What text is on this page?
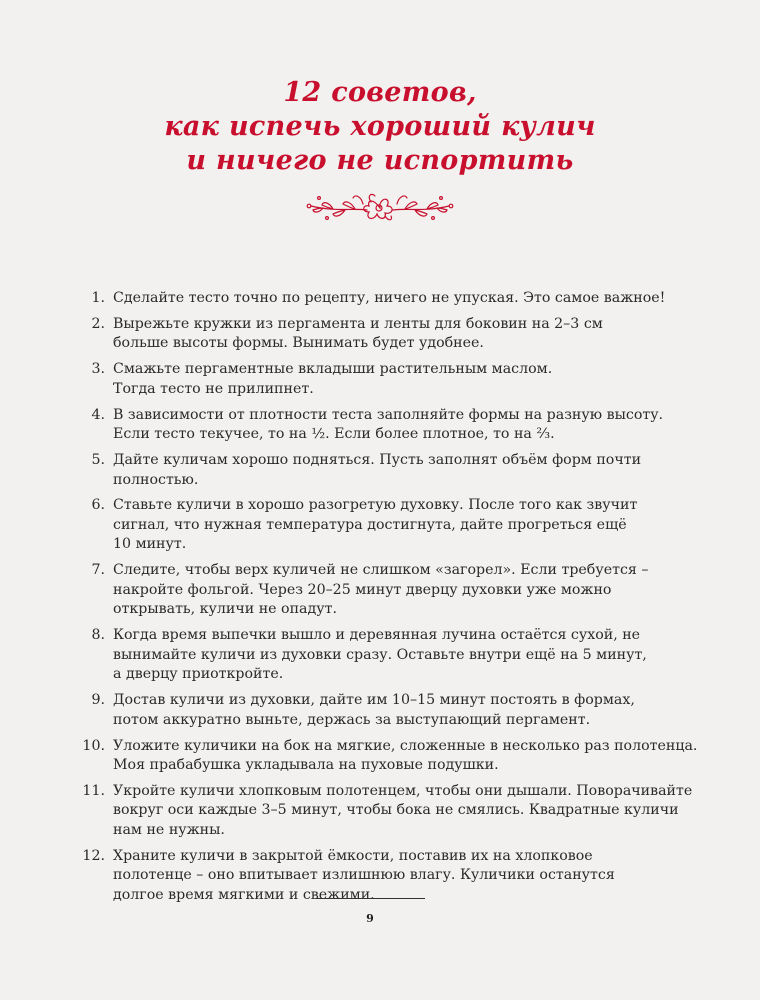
12 советов,
как испечь хороший кулич
и ничего не испортить
1. Сделайте тесто точно по рецепту, ничего не упуская. Это самое важное!
2. Вырежьте кружки из пергамента и ленты для боковин на 2–3 см
больше высоты формы. Вынимать будет удобнее.
3. Смажьте пергаментные вкладыши растительным маслом.
Тогда тесто не прилипнет.
4. В зависимости от плотности теста заполняйте формы на разную высоту.
Если тесто текучее, то на ½. Если более плотное, то на ⅔.
5. Дайте куличам хорошо подняться. Пусть заполнят объём форм почти
полностью.
6. Ставьте куличи в хорошо разогретую духовку. После того как звучит
сигнал, что нужная температура достигнута, дайте прогреться ещё
10 минут.
7. Следите, чтобы верх куличей не слишком «загорел». Если требуется –
накройте фольгой. Через 20–25 минут дверцу духовки уже можно
открывать, куличи не опадут.
8. Когда время выпечки вышло и деревянная лучина остаётся сухой, не
вынимайте куличи из духовки сразу. Оставьте внутри ещё на 5 минут,
а дверцу приоткройте.
9. Достав куличи из духовки, дайте им 10–15 минут постоять в формах,
потом аккуратно выньте, держась за выступающий пергамент.
10. Уложите куличики на бок на мягкие, сложенные в несколько раз полотенца.
Моя прабабушка укладывала на пуховые подушки.
11. Укройте куличи хлопковым полотенцем, чтобы они дышали. Поворачивайте
вокруг оси каждые 3–5 минут, чтобы бока не смялись. Квадратные куличи
нам не нужны.
12. Храните куличи в закрытой ёмкости, поставив их на хлопковое
полотенце – оно впитывает излишнюю влагу. Куличики останутся
долгое время мягкими и свежими.
9
